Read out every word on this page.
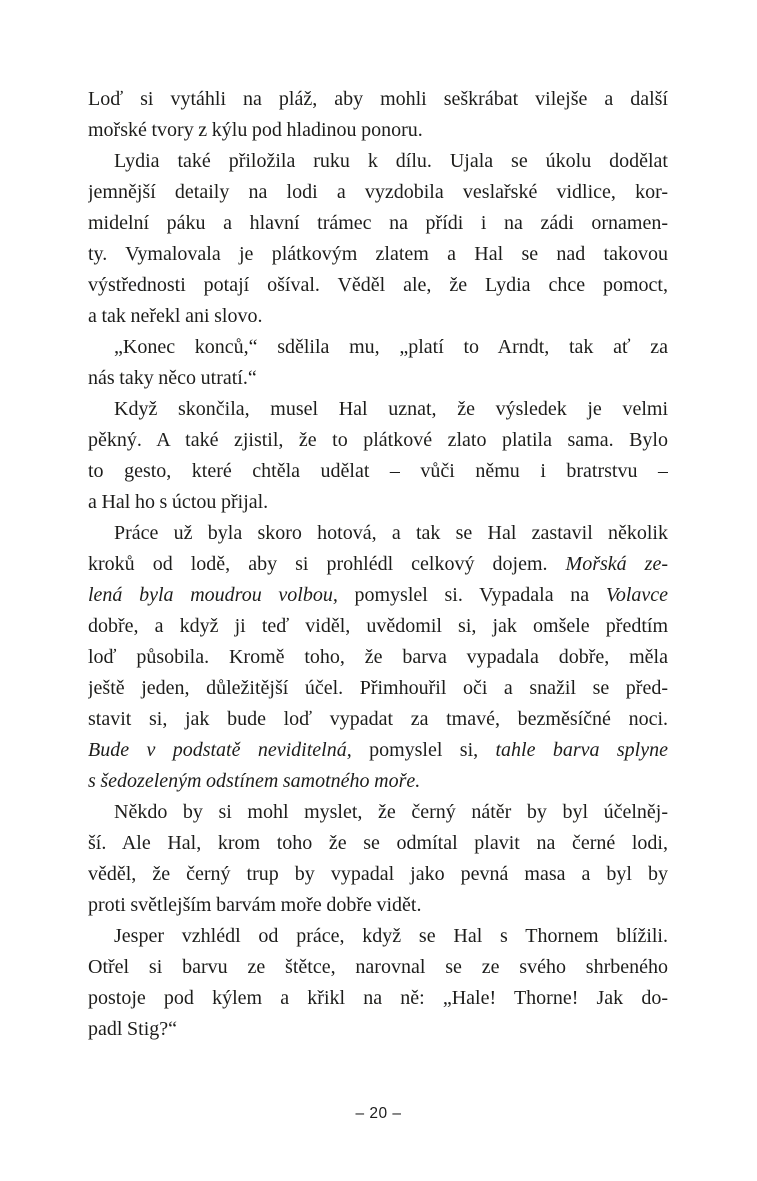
Loď si vytáhli na pláž, aby mohli seškrábat vilejše a další
mořské tvory z kýlu pod hladinou ponoru.
Lydia také přiložila ruku k dílu. Ujala se úkolu dodělat
jemnější detaily na lodi a vyzdobila veslařské vidlice, kor-
midelní páku a hlavní trámec na přídi i na zádi ornamen-
ty. Vymalovala je plátkovým zlatem a Hal se nad takovou
výstřednosti potají ošíval. Věděl ale, že Lydia chce pomoct,
a tak neřekl ani slovo.
„Konec konců,“ sdělila mu, „platí to Arndt, tak ať za
nás taky něco utratí.“
Když skončila, musel Hal uznat, že výsledek je velmi
pěkný. A také zjistil, že to plátkové zlato platila sama. Bylo
to gesto, které chtěla udělat – vůči němu i bratrstvu –
a Hal ho s úctou přijal.
Práce už byla skoro hotová, a tak se Hal zastavil několik
kroků od lodě, aby si prohlédl celkový dojem. Mořská ze-
lená byla moudrou volbou, pomyslel si. Vypadala na Volavce
dobře, a když ji teď viděl, uvědomil si, jak omšele předtím
loď působila. Kromě toho, že barva vypadala dobře, měla
ještě jeden, důležitější účel. Přimhouřil oči a snažil se před-
stavit si, jak bude loď vypadat za tmavé, bezměsíčné noci.
Bude v podstatě neviditelná, pomyslel si, tahle barva splyne
s šedozeleným odstínem samotného moře.
Někdo by si mohl myslet, že černý nátěr by byl účelněj-
ší. Ale Hal, krom toho že se odmítal plavit na černé lodi,
věděl, že černý trup by vypadal jako pevná masa a byl by
proti světlejším barvám moře dobře vidět.
Jesper vzhlédl od práce, když se Hal s Thornem blížili.
Otřel si barvu ze štětce, narovnal se ze svého shrbeného
postoje pod kýlem a křikl na ně: „Hale! Thorne! Jak do-
padl Stig?“
– 20 –
